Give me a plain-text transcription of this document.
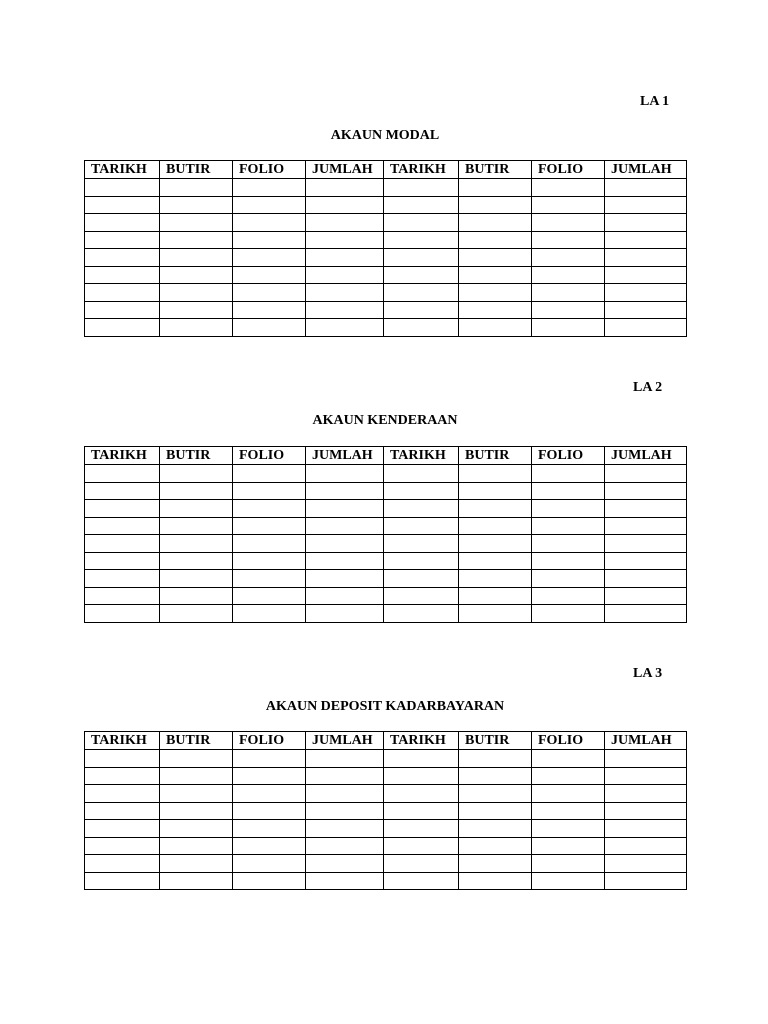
LA 1
AKAUN MODAL
TARIKH	BUTIR	FOLIO	JUMLAH	TARIKH	BUTIR	FOLIO	JUMLAH

LA 2
AKAUN KENDERAAN
TARIKH	BUTIR	FOLIO	JUMLAH	TARIKH	BUTIR	FOLIO	JUMLAH

LA 3
AKAUN DEPOSIT KADARBAYARAN
TARIKH	BUTIR	FOLIO	JUMLAH	TARIKH	BUTIR	FOLIO	JUMLAH
